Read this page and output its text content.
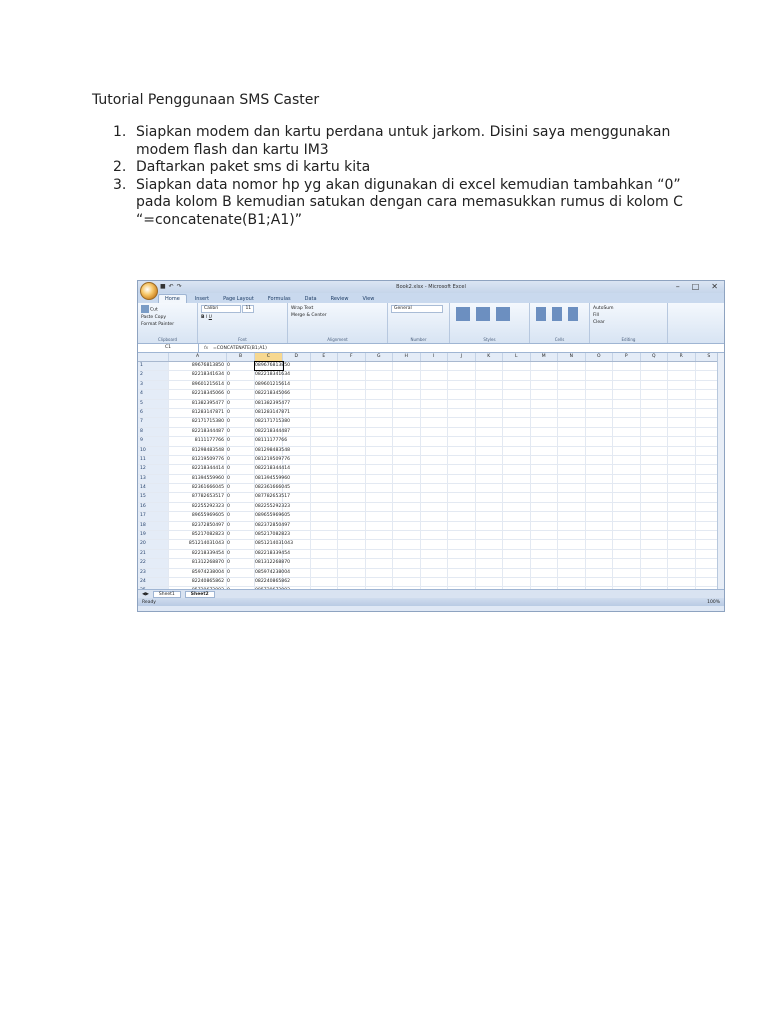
Tutorial Penggunaan SMS Caster
1. Siapkan modem dan kartu perdana untuk jarkom. Disini saya menggunakan modem flash dan kartu IM3
2. Daftarkan paket sms di kartu kita
3. Siapkan data nomor hp yg akan digunakan di excel kemudian tambahkan “0” pada kolom B kemudian satukan dengan cara memasukkan rumus di kolom C “=concatenate(B1;A1)”
■ ↶ ↷	Book2.xlsx - Microsoft Excel	– □ ✕
Home	Insert	Page Layout	Formulas	Data	Review	View
Cut
Paste Copy
Format Painter
Clipboard
Calibri	11
B I U
Font
Wrap Text
Merge & Center
Alignment
General
Number	Styles	Cells
AutoSum
Fill
Clear
Editing
C1	fx	=CONCATENATE(B1;A1)
A	B	C	D	E	F	G	H	I	J	K	L	M	N	O	P	Q	R	S
1	89676813850 0	089676813850
2	82218341634 0	082218341634
3	89601215614 0	089601215614
4	82218345066 0	082218345066
5	81382395477 0	081382395477
6	81283147871 0	081283147871
7	82171715380 0	082171715380
8	82218344487 0	082218344487
9	8111177766 0	08111177766
10	81298483548 0	081298483548
11	81219509776 0	081219509776
12	82218344414 0	082218344414
13	81394559960 0	081394559960
14	82361666045 0	082361666045
15	87782653517 0	087782653517
16	82255292323 0	082255292323
17	89655969605 0	089655969605
18	82372850497 0	082372850497
19	85217082823 0	085217082823
20	851214031043 0	0851214031043
21	82218339454 0	082218339454
22	81312268870 0	081312268870
23	85974238004 0	085974238004
24	82240865862 0	082240865862
◀▶	Sheet1	Sheet2
Ready	100%
